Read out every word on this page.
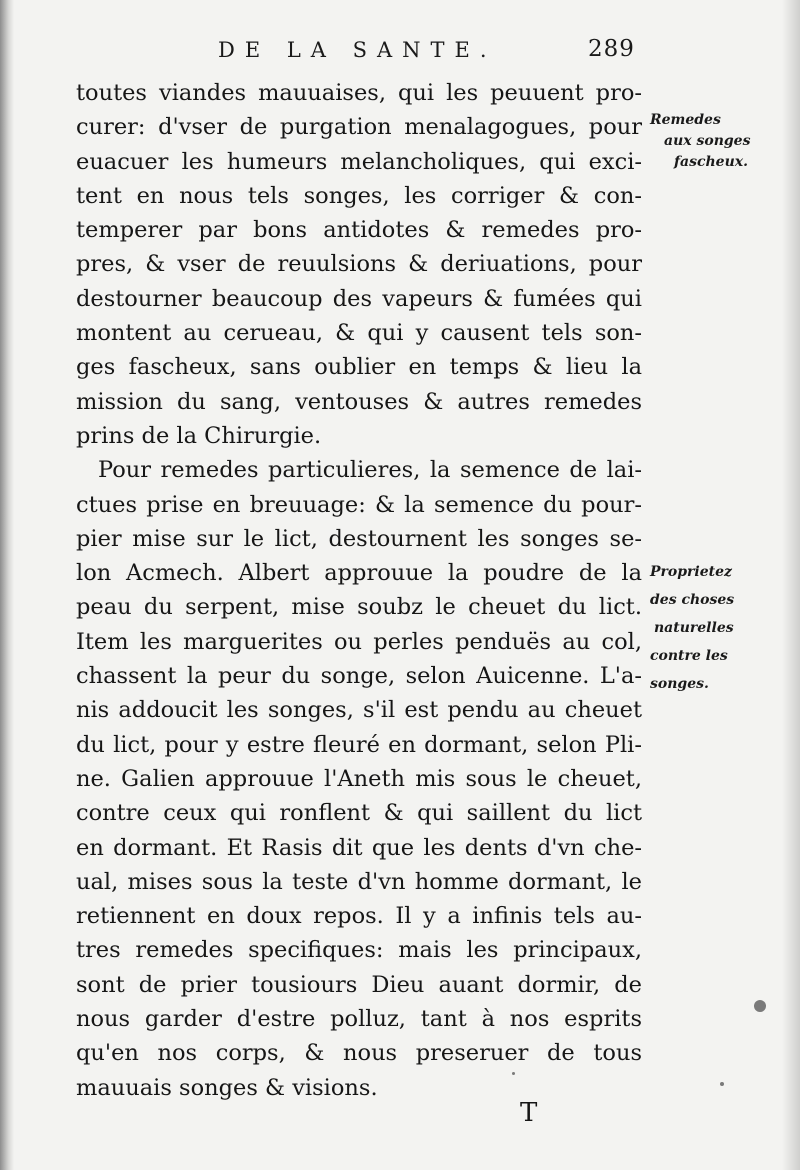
DE LA SANTE.	289
toutes viandes mauuaises, qui les peuuent pro-
curer: d'vser de purgation menalagogues, pour
euacuer les humeurs melancholiques, qui exci-
tent en nous tels songes, les corriger & con-
temperer par bons antidotes & remedes pro-
pres, & vser de reuulsions & deriuations, pour
destourner beaucoup des vapeurs & fumées qui
montent au cerueau, & qui y causent tels son-
ges fascheux, sans oublier en temps & lieu la
mission du sang, ventouses & autres remedes
prins de la Chirurgie.
Pour remedes particulieres, la semence de lai-
ctues prise en breuuage: & la semence du pour-
pier mise sur le lict, destournent les songes se-
lon Acmech. Albert approuue la poudre de la
peau du serpent, mise soubz le cheuet du lict.
Item les marguerites ou perles penduës au col,
chassent la peur du songe, selon Auicenne. L'a-
nis addoucit les songes, s'il est pendu au cheuet
du lict, pour y estre fleuré en dormant, selon Pli-
ne. Galien approuue l'Aneth mis sous le cheuet,
contre ceux qui ronflent & qui saillent du lict
en dormant. Et Rasis dit que les dents d'vn che-
ual, mises sous la teste d'vn homme dormant, le
retiennent en doux repos. Il y a infinis tels au-
tres remedes specifiques: mais les principaux,
sont de prier tousiours Dieu auant dormir, de
nous garder d'estre polluz, tant à nos esprits
qu'en nos corps, & nous preseruer de tous
mauuais songes & visions.
Remedes
aux songes
fascheux.
Proprietez
des choses
naturelles
contre les
songes.
T
